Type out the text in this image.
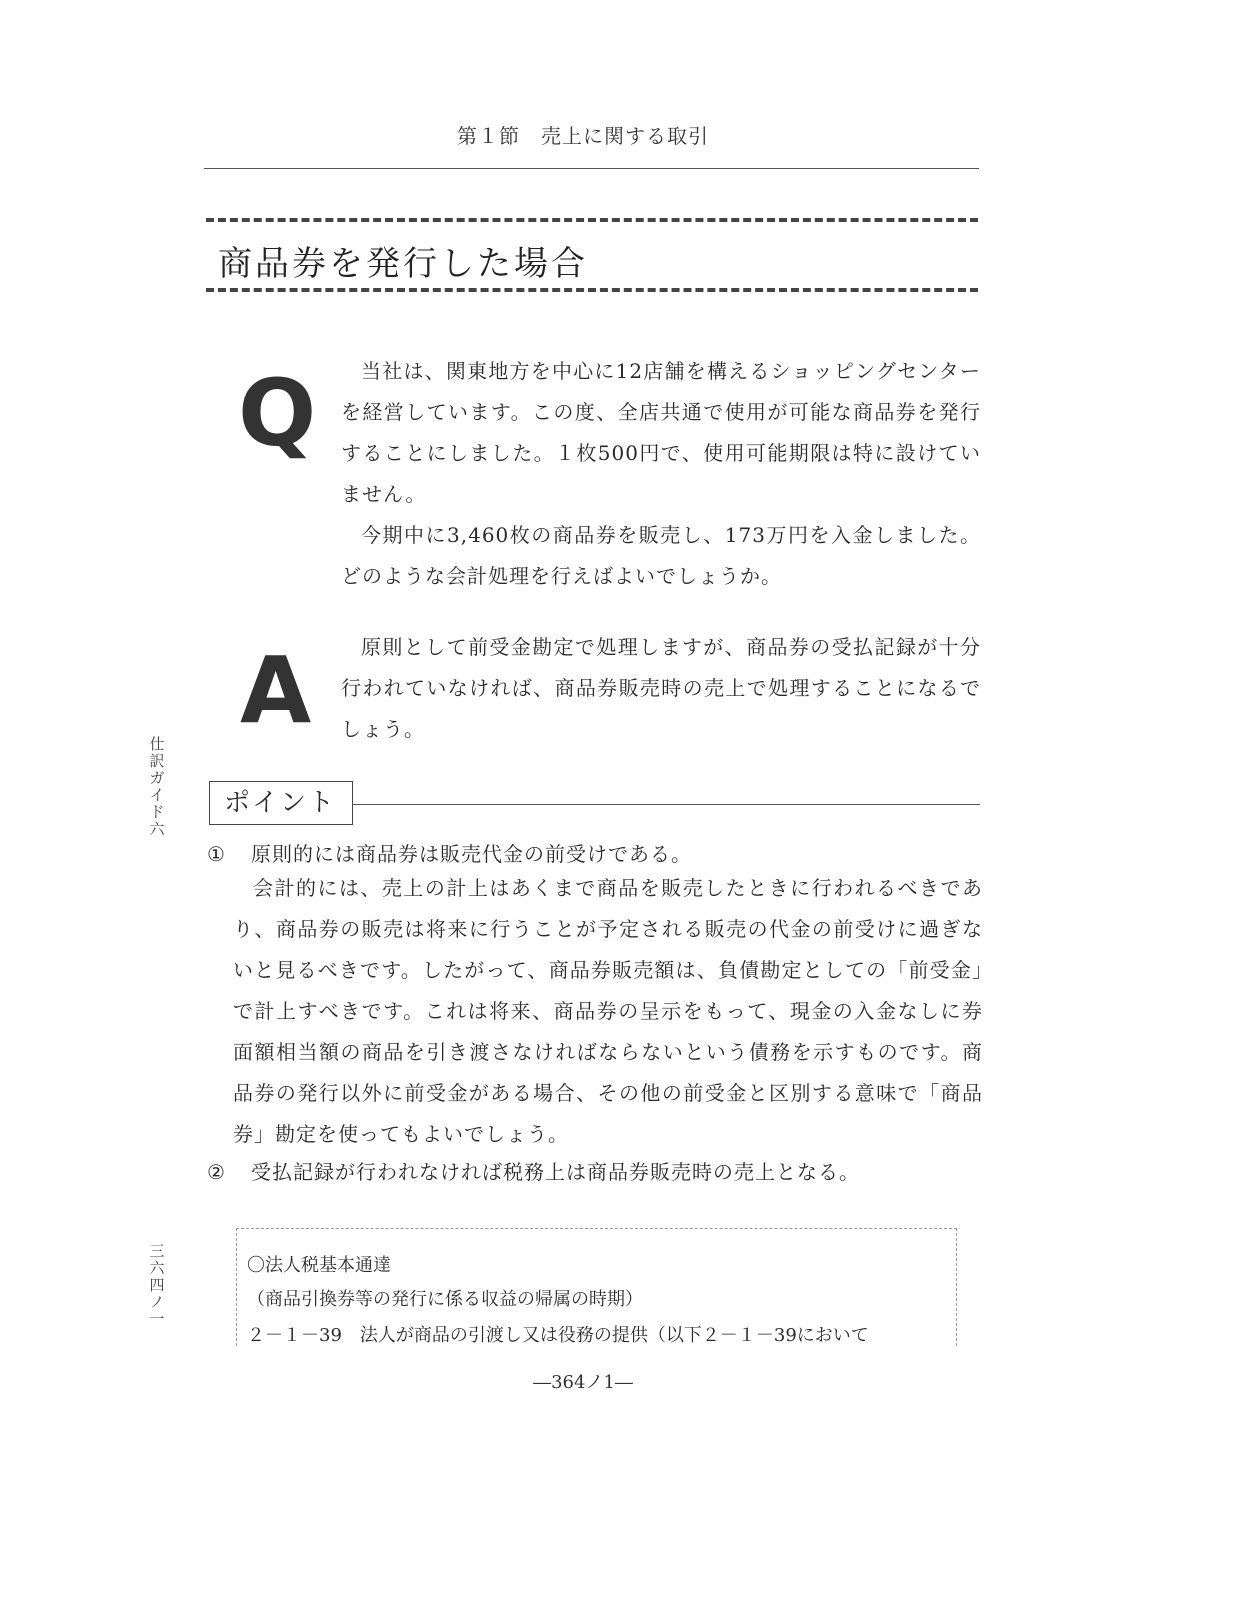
第１節　売上に関する取引
商品券を発行した場合
Q	当社は、関東地方を中心に12店舗を構えるショッピングセンターを経営しています。この度、全店共通で使用が可能な商品券を発行することにしました。１枚500円で、使用可能期限は特に設けていません。

今期中に3,460枚の商品券を販売し、173万円を入金しました。どのような会計処理を行えばよいでしょうか。

A	原則として前受金勘定で処理しますが、商品券の受払記録が十分行われていなければ、商品券販売時の売上で処理することになるでしょう。

仕訳ガイド六
三六四ノ一
ポイント
① 原則的には商品券は販売代金の前受けである。

会計的には、売上の計上はあくまで商品を販売したときに行われるべきであり、商品券の販売は将来に行うことが予定される販売の代金の前受けに過ぎないと見るべきです。したがって、商品券販売額は、負債勘定としての「前受金」で計上すべきです。これは将来、商品券の呈示をもって、現金の入金なしに券面額相当額の商品を引き渡さなければならないという債務を示すものです。商品券の発行以外に前受金がある場合、その他の前受金と区別する意味で「商品券」勘定を使ってもよいでしょう。

② 受払記録が行われなければ税務上は商品券販売時の売上となる。
〇法人税基本通達
（商品引換券等の発行に係る収益の帰属の時期）
２－１－39　法人が商品の引渡し又は役務の提供（以下２－１－39において
―364ノ1―
